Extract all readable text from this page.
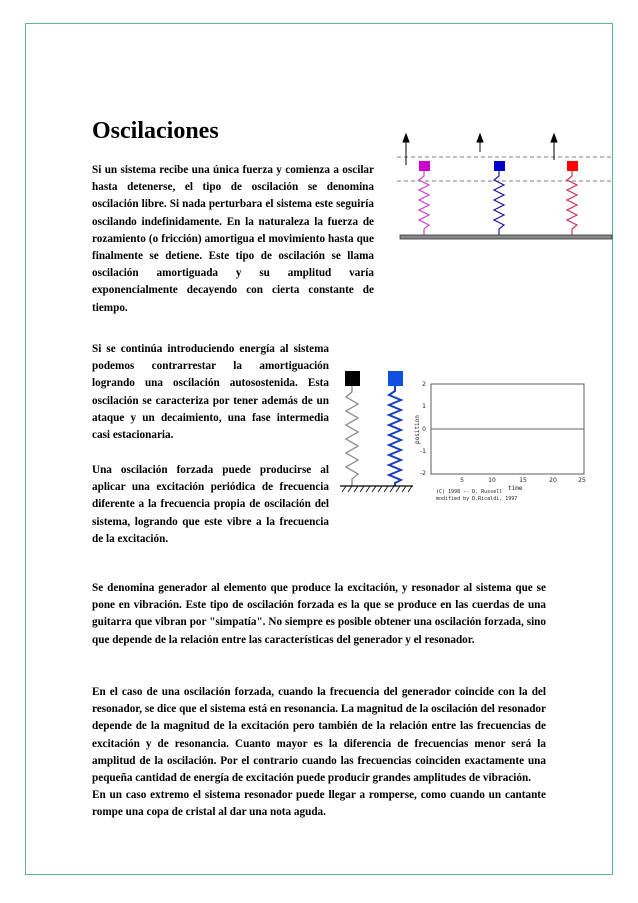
Oscilaciones

Si un sistema recibe una única fuerza y comienza a oscilar hasta detenerse, el tipo de oscilación se denomina oscilación libre. Si nada perturbara el sistema este seguiría oscilando indefinidamente. En la naturaleza la fuerza de rozamiento (o fricción) amortigua el movimiento hasta que finalmente se detiene. Este tipo de oscilación se llama oscilación amortiguada y su amplitud varía exponencialmente decayendo con cierta constante de tiempo.

Si se continúa introduciendo energía al sistema podemos contrarrestar la amortiguación logrando una oscilación autosostenida. Esta oscilación se caracteriza por tener además de un ataque y un decaimiento, una fase intermedia casi estacionaria.

Una oscilación forzada puede producirse al aplicar una excitación periódica de frecuencia diferente a la frecuencia propia de oscilación del sistema, logrando que este vibre a la frecuencia de la excitación.

2
1
0
-1
-2
5	10	15	20	25
position
time
(C) 1998 -- D. Russell
modified by D.Ricaldi, 1997

Se denomina generador al elemento que produce la excitación, y resonador al sistema que se pone en vibración. Este tipo de oscilación forzada es la que se produce en las cuerdas de una guitarra que vibran por "simpatía". No siempre es posible obtener una oscilación forzada, sino que depende de la relación entre las características del generador y el resonador.

En el caso de una oscilación forzada, cuando la frecuencia del generador coincide con la del resonador, se dice que el sistema está en resonancia. La magnitud de la oscilación del resonador depende de la magnitud de la excitación pero también de la relación entre las frecuencias de excitación y de resonancia. Cuanto mayor es la diferencia de frecuencias menor será la amplitud de la oscilación. Por el contrario cuando las frecuencias coinciden exactamente una pequeña cantidad de energía de excitación puede producir grandes amplitudes de vibración.

En un caso extremo el sistema resonador puede llegar a romperse, como cuando un cantante rompe una copa de cristal al dar una nota aguda.
